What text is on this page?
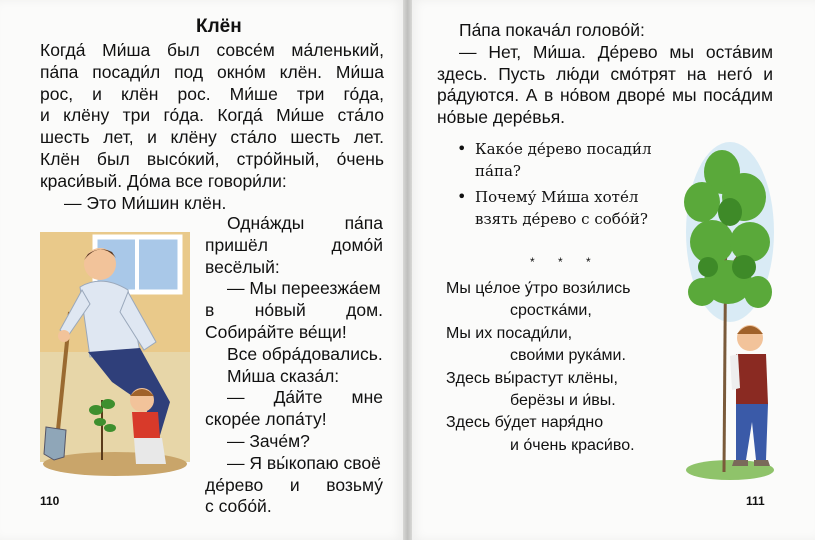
Клён
Когда́ Ми́ша был совсе́м ма́ленький,
па́па посади́л под окно́м клён. Ми́ша
рос, и клён рос. Ми́ше три го́да,
и клёну три го́да. Когда́ Ми́ше ста́ло
шесть лет, и клёну ста́ло шесть лет.
Клён был высо́кий, стро́йный, о́чень
краси́вый. До́ма все говори́ли:
— Это Ми́шин клён.
Одна́жды па́па
пришёл домо́й
весёлый:
— Мы переезжа́ем
в но́вый дом.
Собира́йте ве́щи!
Все обра́довались.
Ми́ша сказа́л:
— Да́йте мне
скоре́е лопа́ту!
— Заче́м?
— Я вы́копаю своё
де́рево и возьму́
с собо́й.
110
Па́па покача́л голово́й:
— Нет, Ми́ша. Де́рево мы оста́вим
здесь. Пусть лю́ди смо́трят на него́ и
ра́дуются. А в но́вом дворе́ мы поса́дим
но́вые дере́вья.
• Како́е де́рево посади́л па́па?
• Почему́ Ми́ша хоте́л взять де́рево с собо́й?
* * *
Мы це́лое у́тро вози́лись
сростка́ми,
Мы их посади́ли,
свои́ми рука́ми.
Здесь вы́растут клёны,
берёзы и и́вы.
Здесь бу́дет наря́дно
и о́чень краси́во.
111
